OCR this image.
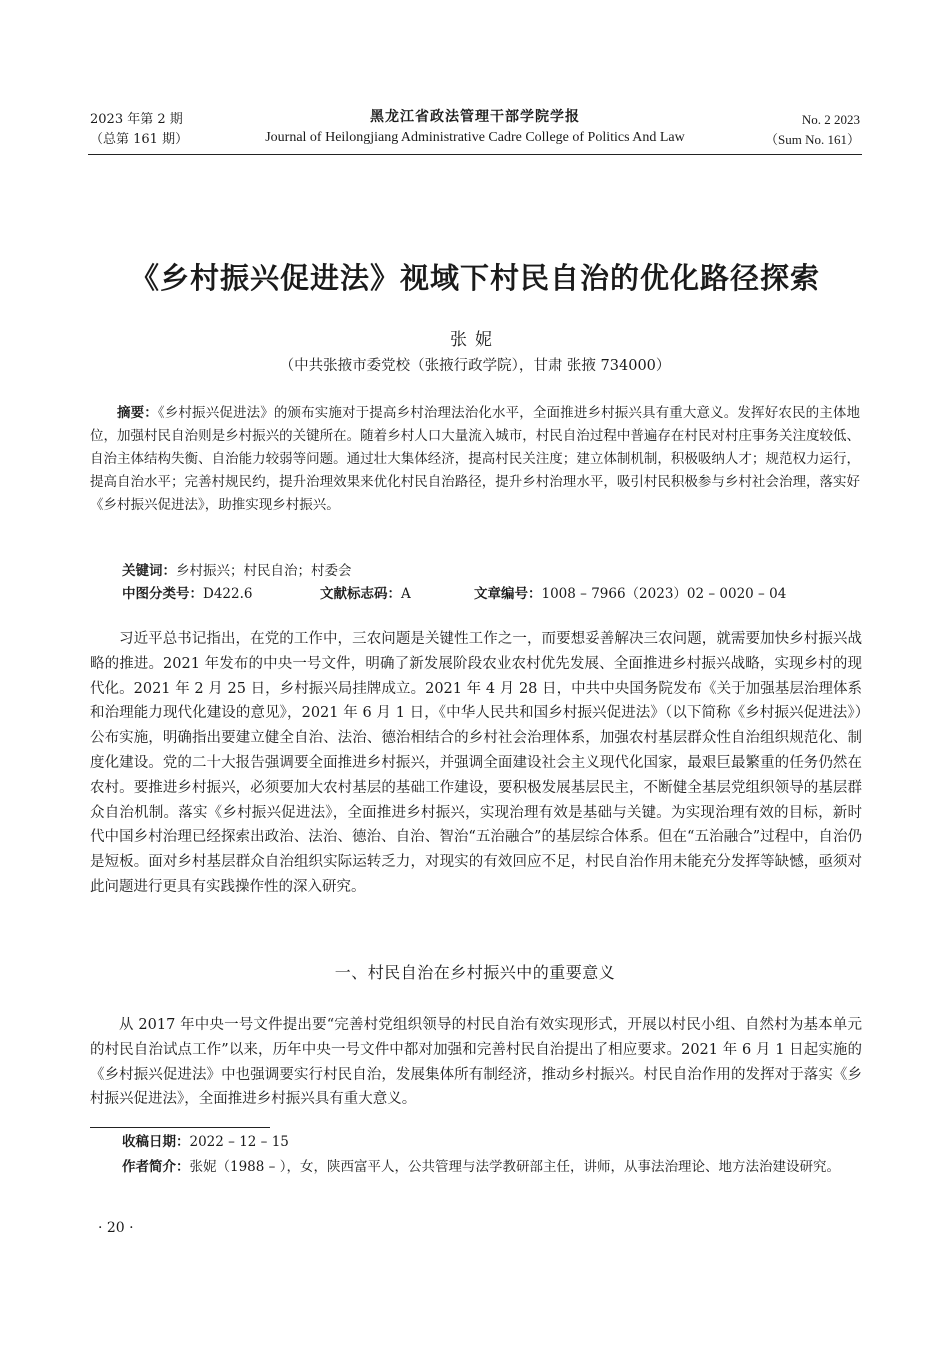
2023 年第 2 期
（总第 161 期）
黑龙江省政法管理干部学院学报
Journal of Heilongjiang Administrative Cadre College of Politics And Law
No. 2 2023
（Sum No. 161）
《乡村振兴促进法》视域下村民自治的优化路径探索
张妮
（中共张掖市委党校（张掖行政学院），甘肃 张掖 734000）
摘要：《乡村振兴促进法》的颁布实施对于提高乡村治理法治化水平，全面推进乡村振兴具有重大意义。发挥好农民的主体地位，加强村民自治则是乡村振兴的关键所在。随着乡村人口大量流入城市，村民自治过程中普遍存在村民对村庄事务关注度较低、自治主体结构失衡、自治能力较弱等问题。通过壮大集体经济，提高村民关注度；建立体制机制，积极吸纳人才；规范权力运行，提高自治水平；完善村规民约，提升治理效果来优化村民自治路径，提升乡村治理水平，吸引村民积极参与乡村社会治理，落实好《乡村振兴促进法》，助推实现乡村振兴。
关键词：乡村振兴；村民自治；村委会
中图分类号：D422.6	文献标志码：A	文章编号：1008 – 7966（2023）02 – 0020 – 04
习近平总书记指出，在党的工作中，三农问题是关键性工作之一，而要想妥善解决三农问题，就需要加快乡村振兴战略的推进。2021 年发布的中央一号文件，明确了新发展阶段农业农村优先发展、全面推进乡村振兴战略，实现乡村的现代化。2021 年 2 月 25 日，乡村振兴局挂牌成立。2021 年 4 月 28 日，中共中央国务院发布《关于加强基层治理体系和治理能力现代化建设的意见》，2021 年 6 月 1 日，《中华人民共和国乡村振兴促进法》（以下简称《乡村振兴促进法》）公布实施，明确指出要建立健全自治、法治、德治相结合的乡村社会治理体系，加强农村基层群众性自治组织规范化、制度化建设。党的二十大报告强调要全面推进乡村振兴，并强调全面建设社会主义现代化国家，最艰巨最繁重的任务仍然在农村。要推进乡村振兴，必须要加大农村基层的基础工作建设，要积极发展基层民主，不断健全基层党组织领导的基层群众自治机制。落实《乡村振兴促进法》，全面推进乡村振兴，实现治理有效是基础与关键。为实现治理有效的目标，新时代中国乡村治理已经探索出政治、法治、德治、自治、智治“五治融合”的基层综合体系。但在“五治融合”过程中，自治仍是短板。面对乡村基层群众自治组织实际运转乏力，对现实的有效回应不足，村民自治作用未能充分发挥等缺憾，亟须对此问题进行更具有实践操作性的深入研究。
一、村民自治在乡村振兴中的重要意义
从 2017 年中央一号文件提出要“完善村党组织领导的村民自治有效实现形式，开展以村民小组、自然村为基本单元的村民自治试点工作”以来，历年中央一号文件中都对加强和完善村民自治提出了相应要求。2021 年 6 月 1 日起实施的《乡村振兴促进法》中也强调要实行村民自治，发展集体所有制经济，推动乡村振兴。村民自治作用的发挥对于落实《乡村振兴促进法》，全面推进乡村振兴具有重大意义。
收稿日期：2022 – 12 – 15
作者简介：张妮（1988 – ），女，陕西富平人，公共管理与法学教研部主任，讲师，从事法治理论、地方法治建设研究。
· 20 ·
